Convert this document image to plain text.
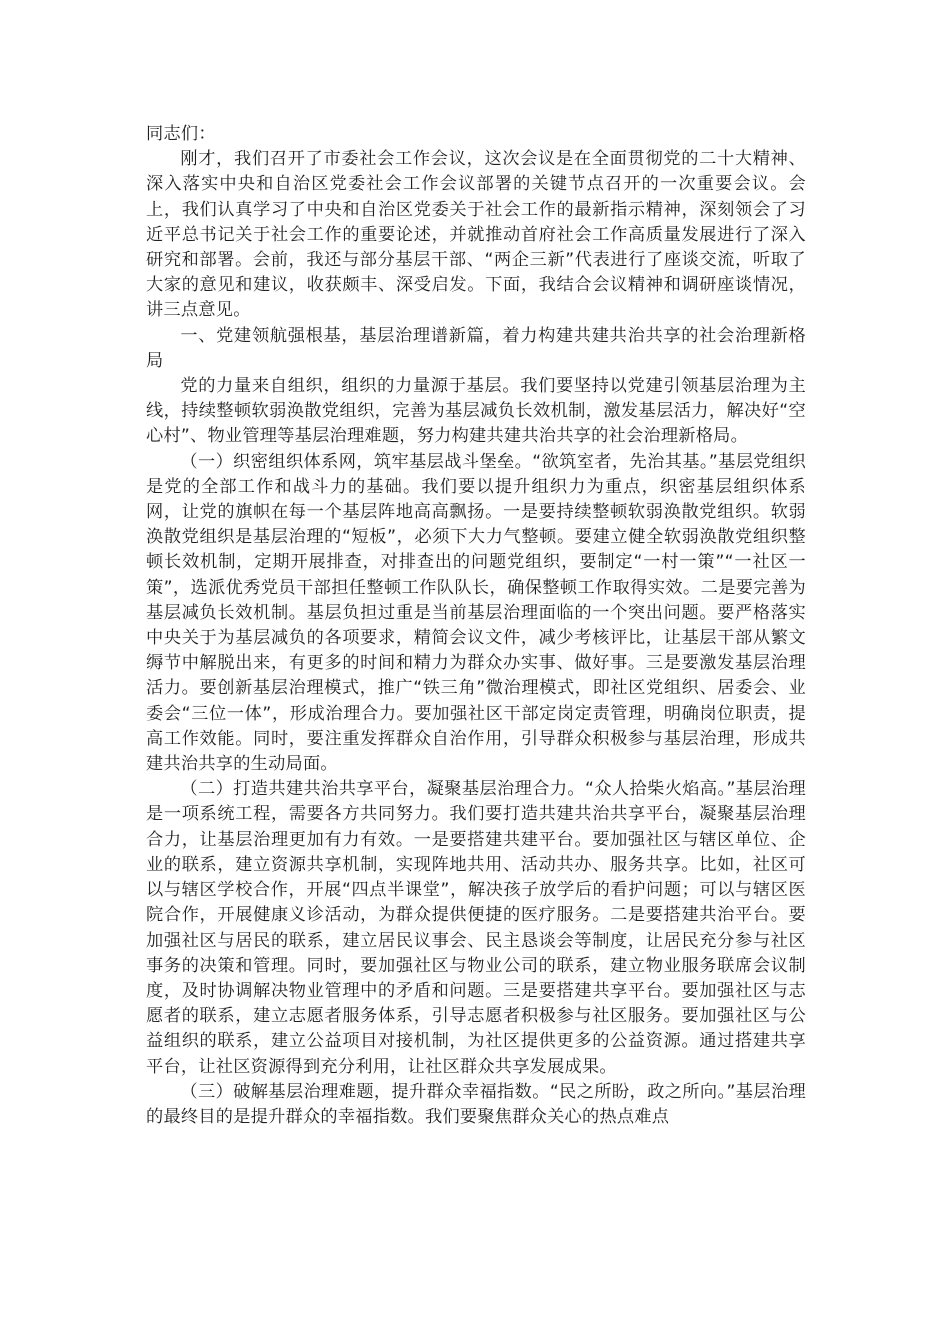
同志们：

刚才，我们召开了市委社会工作会议，这次会议是在全面贯彻党的二十大精神、深入落实中央和自治区党委社会工作会议部署的关键节点召开的一次重要会议。会上，我们认真学习了中央和自治区党委关于社会工作的最新指示精神，深刻领会了习近平总书记关于社会工作的重要论述，并就推动首府社会工作高质量发展进行了深入研究和部署。会前，我还与部分基层干部、“两企三新”代表进行了座谈交流，听取了大家的意见和建议，收获颇丰、深受启发。下面，我结合会议精神和调研座谈情况，讲三点意见。

一、党建领航强根基，基层治理谱新篇，着力构建共建共治共享的社会治理新格局

党的力量来自组织，组织的力量源于基层。我们要坚持以党建引领基层治理为主线，持续整顿软弱涣散党组织，完善为基层减负长效机制，激发基层活力，解决好“空心村”、物业管理等基层治理难题，努力构建共建共治共享的社会治理新格局。

（一）织密组织体系网，筑牢基层战斗堡垒。“欲筑室者，先治其基。”基层党组织是党的全部工作和战斗力的基础。我们要以提升组织力为重点，织密基层组织体系网，让党的旗帜在每一个基层阵地高高飘扬。一是要持续整顿软弱涣散党组织。软弱涣散党组织是基层治理的“短板”，必须下大力气整顿。要建立健全软弱涣散党组织整顿长效机制，定期开展排查，对排查出的问题党组织，要制定“一村一策”“一社区一策”，选派优秀党员干部担任整顿工作队队长，确保整顿工作取得实效。二是要完善为基层减负长效机制。基层负担过重是当前基层治理面临的一个突出问题。要严格落实中央关于为基层减负的各项要求，精简会议文件，减少考核评比，让基层干部从繁文缛节中解脱出来，有更多的时间和精力为群众办实事、做好事。三是要激发基层治理活力。要创新基层治理模式，推广“铁三角”微治理模式，即社区党组织、居委会、业委会“三位一体”，形成治理合力。要加强社区干部定岗定责管理，明确岗位职责，提高工作效能。同时，要注重发挥群众自治作用，引导群众积极参与基层治理，形成共建共治共享的生动局面。

（二）打造共建共治共享平台，凝聚基层治理合力。“众人拾柴火焰高。”基层治理是一项系统工程，需要各方共同努力。我们要打造共建共治共享平台，凝聚基层治理合力，让基层治理更加有力有效。一是要搭建共建平台。要加强社区与辖区单位、企业的联系，建立资源共享机制，实现阵地共用、活动共办、服务共享。比如，社区可以与辖区学校合作，开展“四点半课堂”，解决孩子放学后的看护问题；可以与辖区医院合作，开展健康义诊活动，为群众提供便捷的医疗服务。二是要搭建共治平台。要加强社区与居民的联系，建立居民议事会、民主恳谈会等制度，让居民充分参与社区事务的决策和管理。同时，要加强社区与物业公司的联系，建立物业服务联席会议制度，及时协调解决物业管理中的矛盾和问题。三是要搭建共享平台。要加强社区与志愿者的联系，建立志愿者服务体系，引导志愿者积极参与社区服务。要加强社区与公益组织的联系，建立公益项目对接机制，为社区提供更多的公益资源。通过搭建共享平台，让社区资源得到充分利用，让社区群众共享发展成果。

（三）破解基层治理难题，提升群众幸福指数。“民之所盼，政之所向。”基层治理的最终目的是提升群众的幸福指数。我们要聚焦群众关心的热点难点
